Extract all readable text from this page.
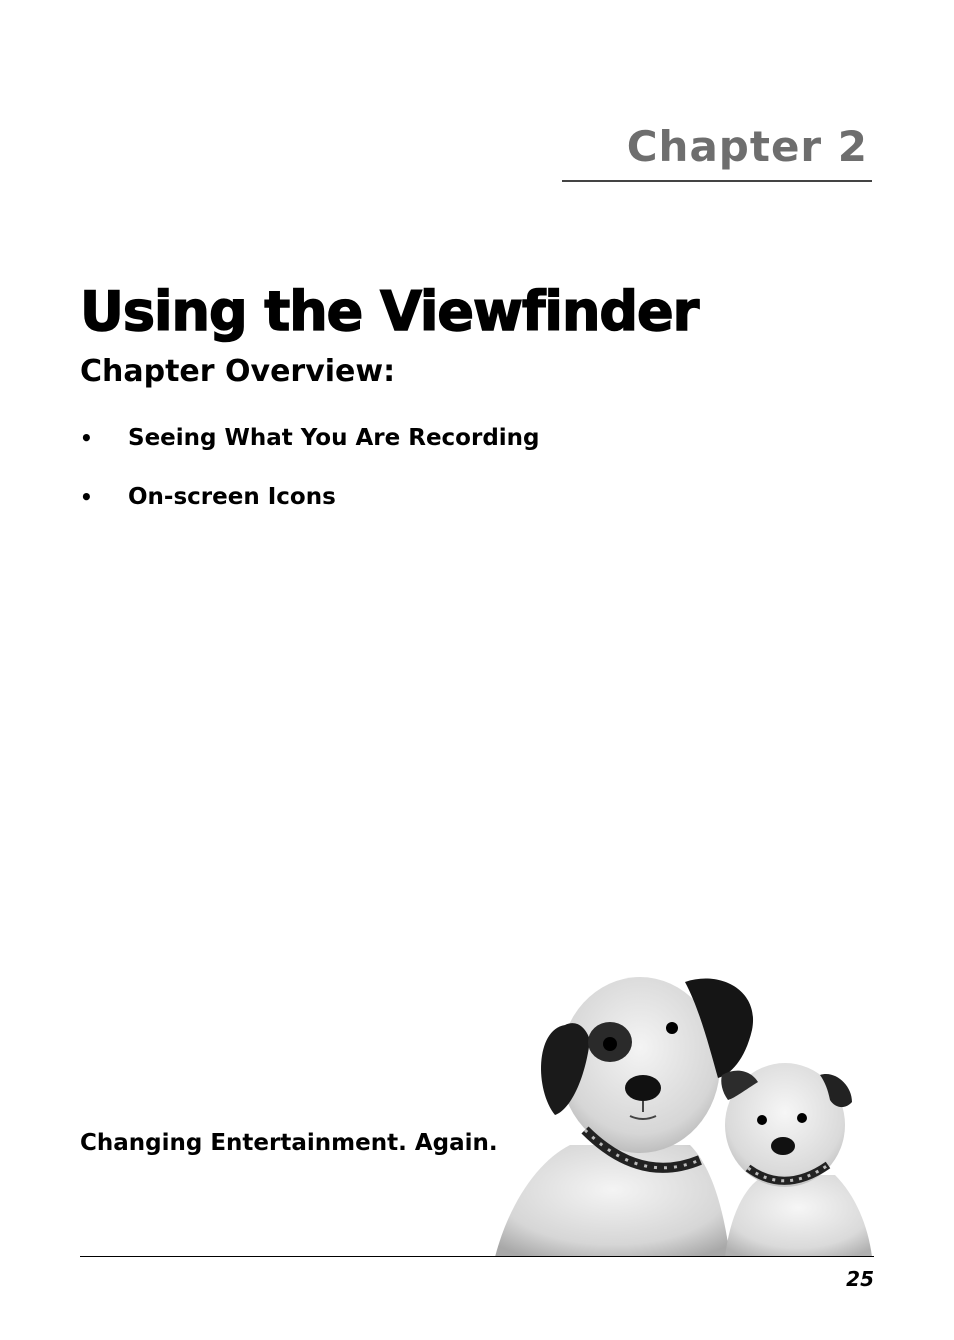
Chapter 2
Using the Viewfinder
Chapter Overview:
•	Seeing What You Are Recording
•	On-screen Icons
Changing Entertainment. Again.
25
